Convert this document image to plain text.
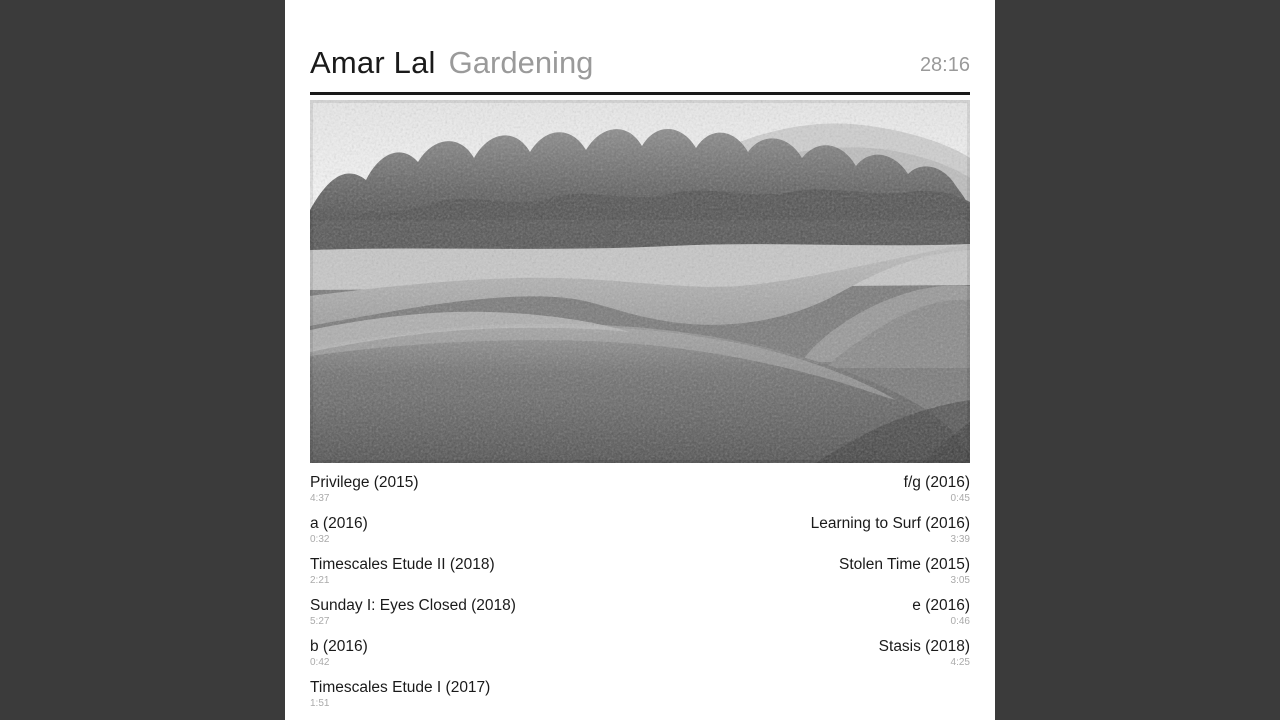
Amar Lal Gardening	28:16
Privilege (2015)
4:37
a (2016)
0:32
Timescales Etude II (2018)
2:21
Sunday I: Eyes Closed (2018)
5:27
b (2016)
0:42
Timescales Etude I (2017)
1:51
f/g (2016)
0:45
Learning to Surf (2016)
3:39
Stolen Time (2015)
3:05
e (2016)
0:46
Stasis (2018)
4:25
